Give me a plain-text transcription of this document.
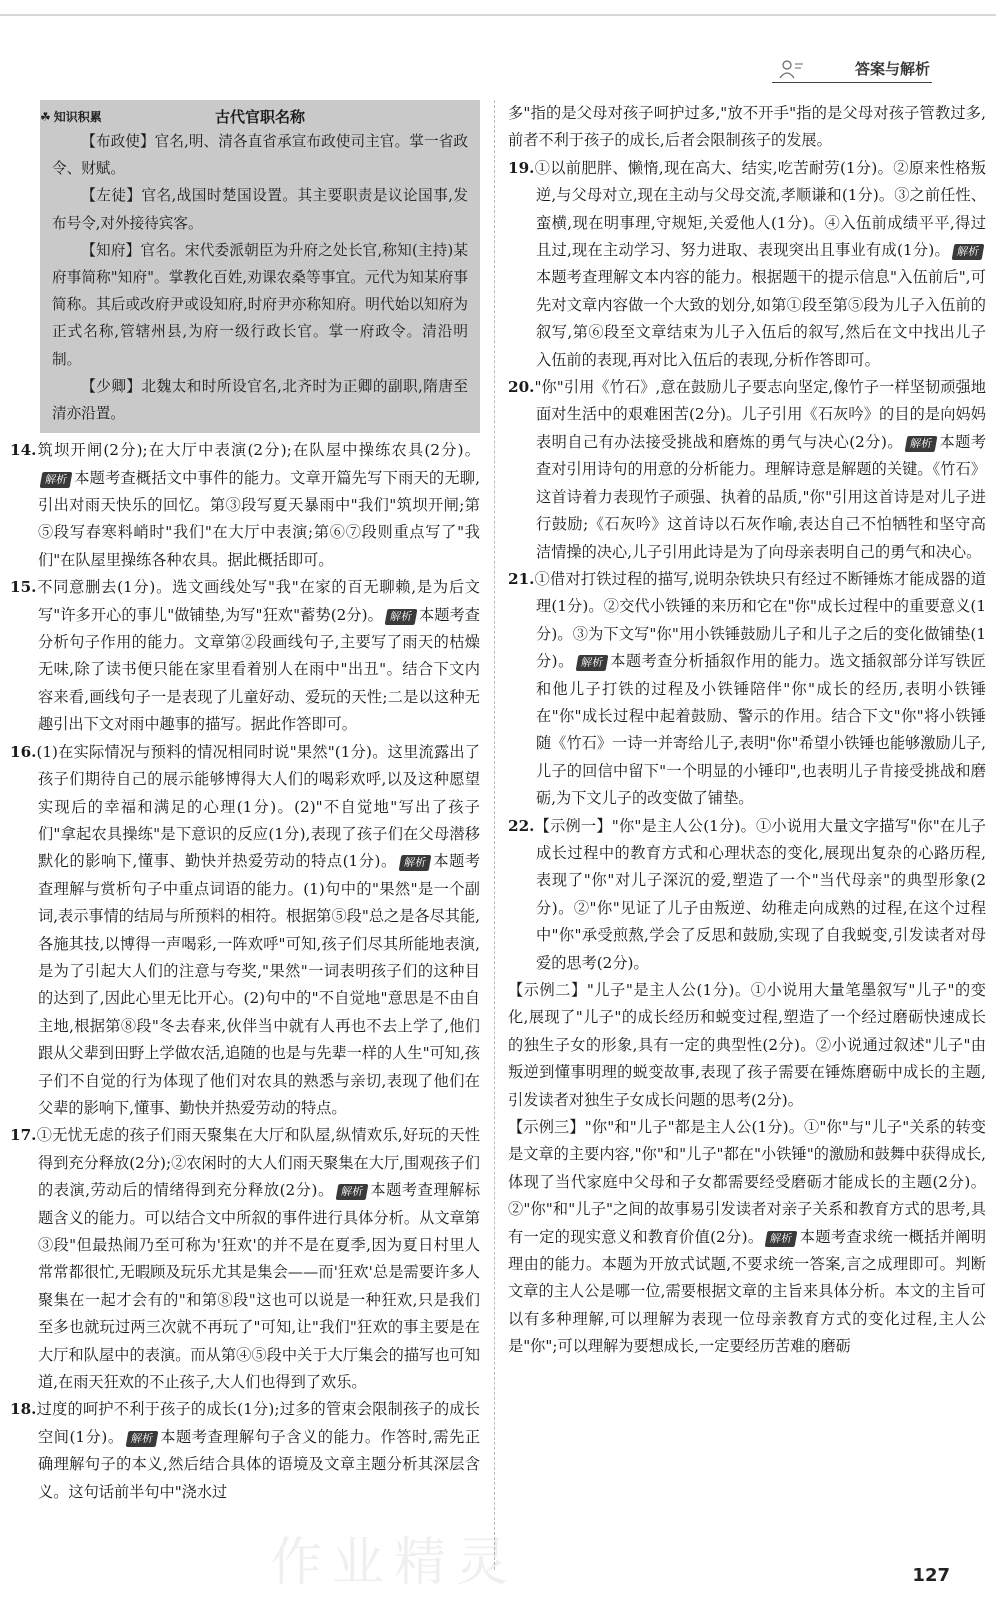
答案与解析
☘ 知识积累	古代官职名称

【布政使】官名,明、清各直省承宣布政使司主官。掌一省政令、财赋。

【左徒】官名,战国时楚国设置。其主要职责是议论国事,发布号令,对外接待宾客。

【知府】官名。宋代委派朝臣为升府之处长官,称知(主持)某府事简称"知府"。掌教化百姓,劝课农桑等事宜。元代为知某府事简称。其后或改府尹或设知府,时府尹亦称知府。明代始以知府为正式名称,管辖州县,为府一级行政长官。掌一府政令。清沿明制。

【少卿】北魏太和时所设官名,北齐时为正卿的副职,隋唐至清亦沿置。

14.筑坝开闸(2分);在大厅中表演(2分);在队屋中操练农具(2分)。解析 本题考查概括文中事件的能力。文章开篇先写下雨天的无聊,引出对雨天快乐的回忆。第③段写夏天暴雨中"我们"筑坝开闸;第⑤段写春寒料峭时"我们"在大厅中表演;第⑥⑦段则重点写了"我们"在队屋里操练各种农具。据此概括即可。

15.不同意删去(1分)。选文画线处写"我"在家的百无聊赖,是为后文写"许多开心的事儿"做铺垫,为写"狂欢"蓄势(2分)。 解析 本题考查分析句子作用的能力。文章第②段画线句子,主要写了雨天的枯燥无味,除了读书便只能在家里看着别人在雨中"出丑"。结合下文内容来看,画线句子一是表现了儿童好动、爱玩的天性;二是以这种无趣引出下文对雨中趣事的描写。据此作答即可。

16.(1)在实际情况与预料的情况相同时说"果然"(1分)。这里流露出了孩子们期待自己的展示能够博得大人们的喝彩欢呼,以及这种愿望实现后的幸福和满足的心理(1分)。(2)"不自觉地"写出了孩子们"拿起农具操练"是下意识的反应(1分),表现了孩子们在父母潜移默化的影响下,懂事、勤快并热爱劳动的特点(1分)。 解析 本题考查理解与赏析句子中重点词语的能力。(1)句中的"果然"是一个副词,表示事情的结局与所预料的相符。根据第⑤段"总之是各尽其能,各施其技,以博得一声喝彩,一阵欢呼"可知,孩子们尽其所能地表演,是为了引起大人们的注意与夸奖,"果然"一词表明孩子们的这种目的达到了,因此心里无比开心。(2)句中的"不自觉地"意思是不由自主地,根据第⑧段"冬去春来,伙伴当中就有人再也不去上学了,他们跟从父辈到田野上学做农活,追随的也是与先辈一样的人生"可知,孩子们不自觉的行为体现了他们对农具的熟悉与亲切,表现了他们在父辈的影响下,懂事、勤快并热爱劳动的特点。

17.①无忧无虑的孩子们雨天聚集在大厅和队屋,纵情欢乐,好玩的天性得到充分释放(2分);②农闲时的大人们雨天聚集在大厅,围观孩子们的表演,劳动后的情绪得到充分释放(2分)。 解析 本题考查理解标题含义的能力。可以结合文中所叙的事件进行具体分析。从文章第③段"但最热闹乃至可称为'狂欢'的并不是在夏季,因为夏日村里人常常都很忙,无暇顾及玩乐尤其是集会——而'狂欢'总是需要许多人聚集在一起才会有的"和第⑧段"这也可以说是一种狂欢,只是我们至多也就玩过两三次就不再玩了"可知,让"我们"狂欢的事主要是在大厅和队屋中的表演。而从第④⑤段中关于大厅集会的描写也可知道,在雨天狂欢的不止孩子,大人们也得到了欢乐。

18.过度的呵护不利于孩子的成长(1分);过多的管束会限制孩子的成长空间(1分)。 解析 本题考查理解句子含义的能力。作答时,需先正确理解句子的本义,然后结合具体的语境及文章主题分析其深层含义。这句话前半句中"浇水过

多"指的是父母对孩子呵护过多,"放不开手"指的是父母对孩子管教过多,前者不利于孩子的成长,后者会限制孩子的发展。

19.①以前肥胖、懒惰,现在高大、结实,吃苦耐劳(1分)。②原来性格叛逆,与父母对立,现在主动与父母交流,孝顺谦和(1分)。③之前任性、蛮横,现在明事理,守规矩,关爱他人(1分)。④入伍前成绩平平,得过且过,现在主动学习、努力进取、表现突出且事业有成(1分)。 解析本题考查理解文本内容的能力。根据题干的提示信息"入伍前后",可先对文章内容做一个大致的划分,如第①段至第⑤段为儿子入伍前的叙写,第⑥段至文章结束为儿子入伍后的叙写,然后在文中找出儿子入伍前的表现,再对比入伍后的表现,分析作答即可。

20."你"引用《竹石》,意在鼓励儿子要志向坚定,像竹子一样坚韧顽强地面对生活中的艰难困苦(2分)。儿子引用《石灰吟》的目的是向妈妈表明自己有办法接受挑战和磨炼的勇气与决心(2分)。 解析 本题考查对引用诗句的用意的分析能力。理解诗意是解题的关键。《竹石》这首诗着力表现竹子顽强、执着的品质,"你"引用这首诗是对儿子进行鼓励;《石灰吟》这首诗以石灰作喻,表达自己不怕牺牲和坚守高洁情操的决心,儿子引用此诗是为了向母亲表明自己的勇气和决心。

21.①借对打铁过程的描写,说明杂铁块只有经过不断锤炼才能成器的道理(1分)。②交代小铁锤的来历和它在"你"成长过程中的重要意义(1分)。③为下文写"你"用小铁锤鼓励儿子和儿子之后的变化做铺垫(1分)。 解析 本题考查分析插叙作用的能力。选文插叙部分详写铁匠和他儿子打铁的过程及小铁锤陪伴"你"成长的经历,表明小铁锤在"你"成长过程中起着鼓励、警示的作用。结合下文"你"将小铁锤随《竹石》一诗一并寄给儿子,表明"你"希望小铁锤也能够激励儿子,儿子的回信中留下"一个明显的小锤印",也表明儿子肯接受挑战和磨砺,为下文儿子的改变做了铺垫。

22.【示例一】"你"是主人公(1分)。①小说用大量文字描写"你"在儿子成长过程中的教育方式和心理状态的变化,展现出复杂的心路历程,表现了"你"对儿子深沉的爱,塑造了一个"当代母亲"的典型形象(2分)。②"你"见证了儿子由叛逆、幼稚走向成熟的过程,在这个过程中"你"承受煎熬,学会了反思和鼓励,实现了自我蜕变,引发读者对母爱的思考(2分)。

【示例二】"儿子"是主人公(1分)。①小说用大量笔墨叙写"儿子"的变化,展现了"儿子"的成长经历和蜕变过程,塑造了一个经过磨砺快速成长的独生子女的形象,具有一定的典型性(2分)。②小说通过叙述"儿子"由叛逆到懂事明理的蜕变故事,表现了孩子需要在锤炼磨砺中成长的主题,引发读者对独生子女成长问题的思考(2分)。

【示例三】"你"和"儿子"都是主人公(1分)。①"你"与"儿子"关系的转变是文章的主要内容,"你"和"儿子"都在"小铁锤"的激励和鼓舞中获得成长,体现了当代家庭中父母和子女都需要经受磨砺才能成长的主题(2分)。②"你"和"儿子"之间的故事易引发读者对亲子关系和教育方式的思考,具有一定的现实意义和教育价值(2分)。 解析 本题考查求统一概括并阐明理由的能力。本题为开放式试题,不要求统一答案,言之成理即可。判断文章的主人公是哪一位,需要根据文章的主旨来具体分析。本文的主旨可以有多种理解,可以理解为表现一位母亲教育方式的变化过程,主人公是"你";可以理解为要想成长,一定要经历苦难的磨砺

作业精灵	127
